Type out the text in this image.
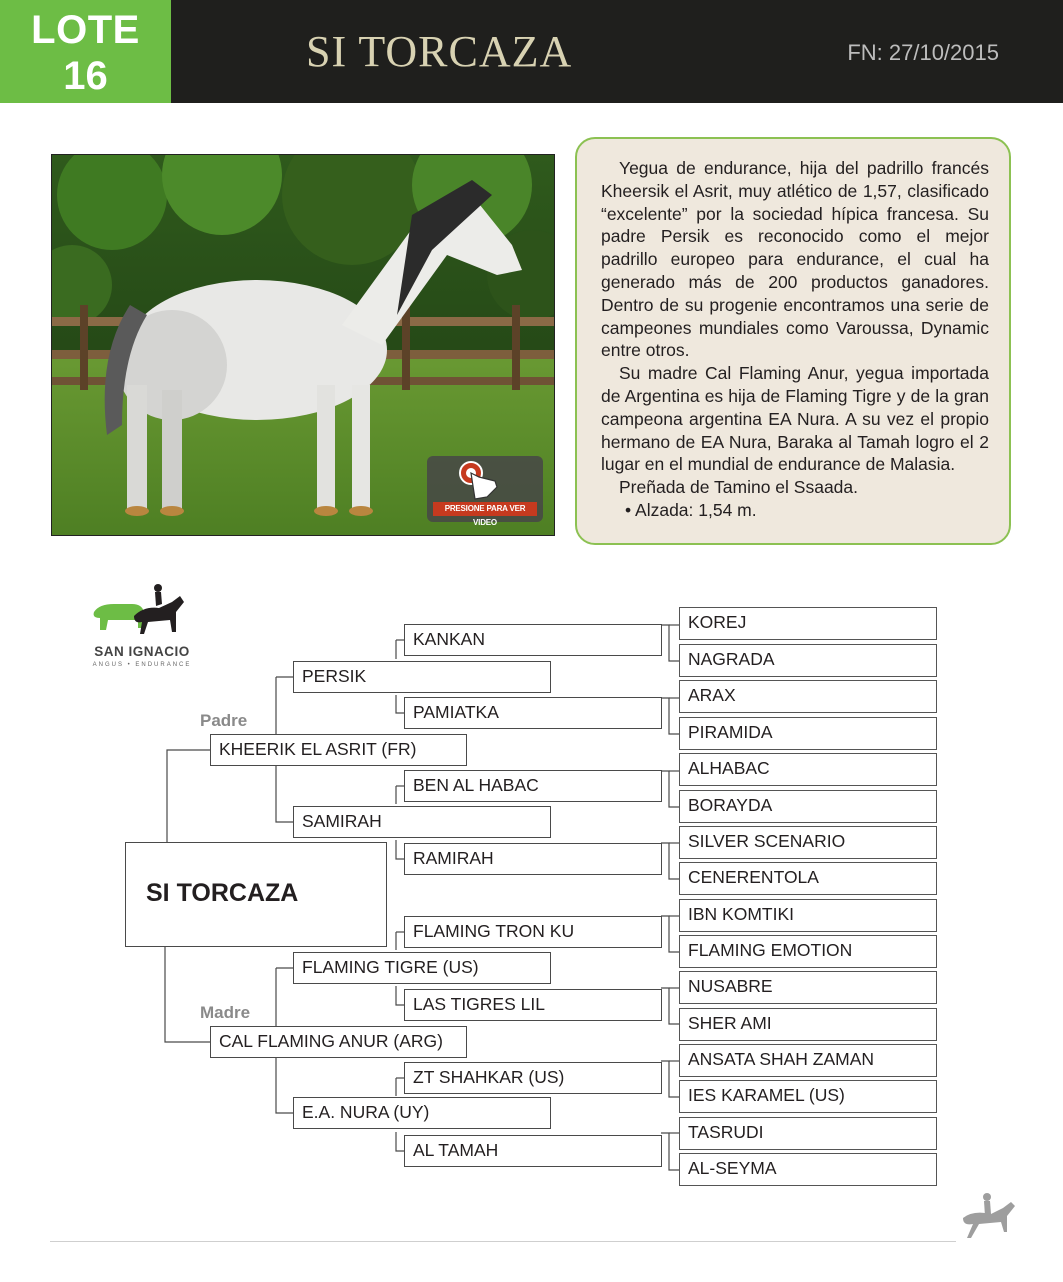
LOTE
16	SI TORCAZA	FN: 27/10/2015
PRESIONE PARA VER VIDEO

Yegua de endurance, hija del padrillo francés Kheersik el Asrit, muy atlético de 1,57, clasificado “excelente” por la sociedad hípica francesa. Su padre Persik es reconocido como el mejor padrillo europeo para endurance, el cual ha generado más de 200 productos ganadores. Dentro de su progenie encontramos una serie de campeones mundiales como Varoussa, Dynamic entre otros.

Su madre Cal Flaming Anur, yegua importada de Argentina es hija de Flaming Tigre y de la gran campeona argentina EA Nura. A su vez el propio hermano de EA Nura, Baraka al Tamah logro el 2 lugar en el mundial de endurance de Malasia.

Preñada de Tamino el Ssaada.

• Alzada: 1,54 m.

SAN IGNACIO
ANGUS • ENDURANCE
SI TORCAZA
Padre
Madre
KHEERIK EL ASRIT (FR)
CAL FLAMING ANUR (ARG)
PERSIK
SAMIRAH
FLAMING TIGRE (US)
E.A. NURA (UY)
KANKAN
PAMIATKA
BEN AL HABAC
RAMIRAH
FLAMING TRON KU
LAS TIGRES LIL
ZT SHAHKAR (US)
AL TAMAH
KOREJ
NAGRADA
ARAX
PIRAMIDA
ALHABAC
BORAYDA
SILVER SCENARIO
CENERENTOLA
IBN KOMTIKI
FLAMING EMOTION
NUSABRE
SHER AMI
ANSATA SHAH ZAMAN
IES KARAMEL (US)
TASRUDI
AL-SEYMA
